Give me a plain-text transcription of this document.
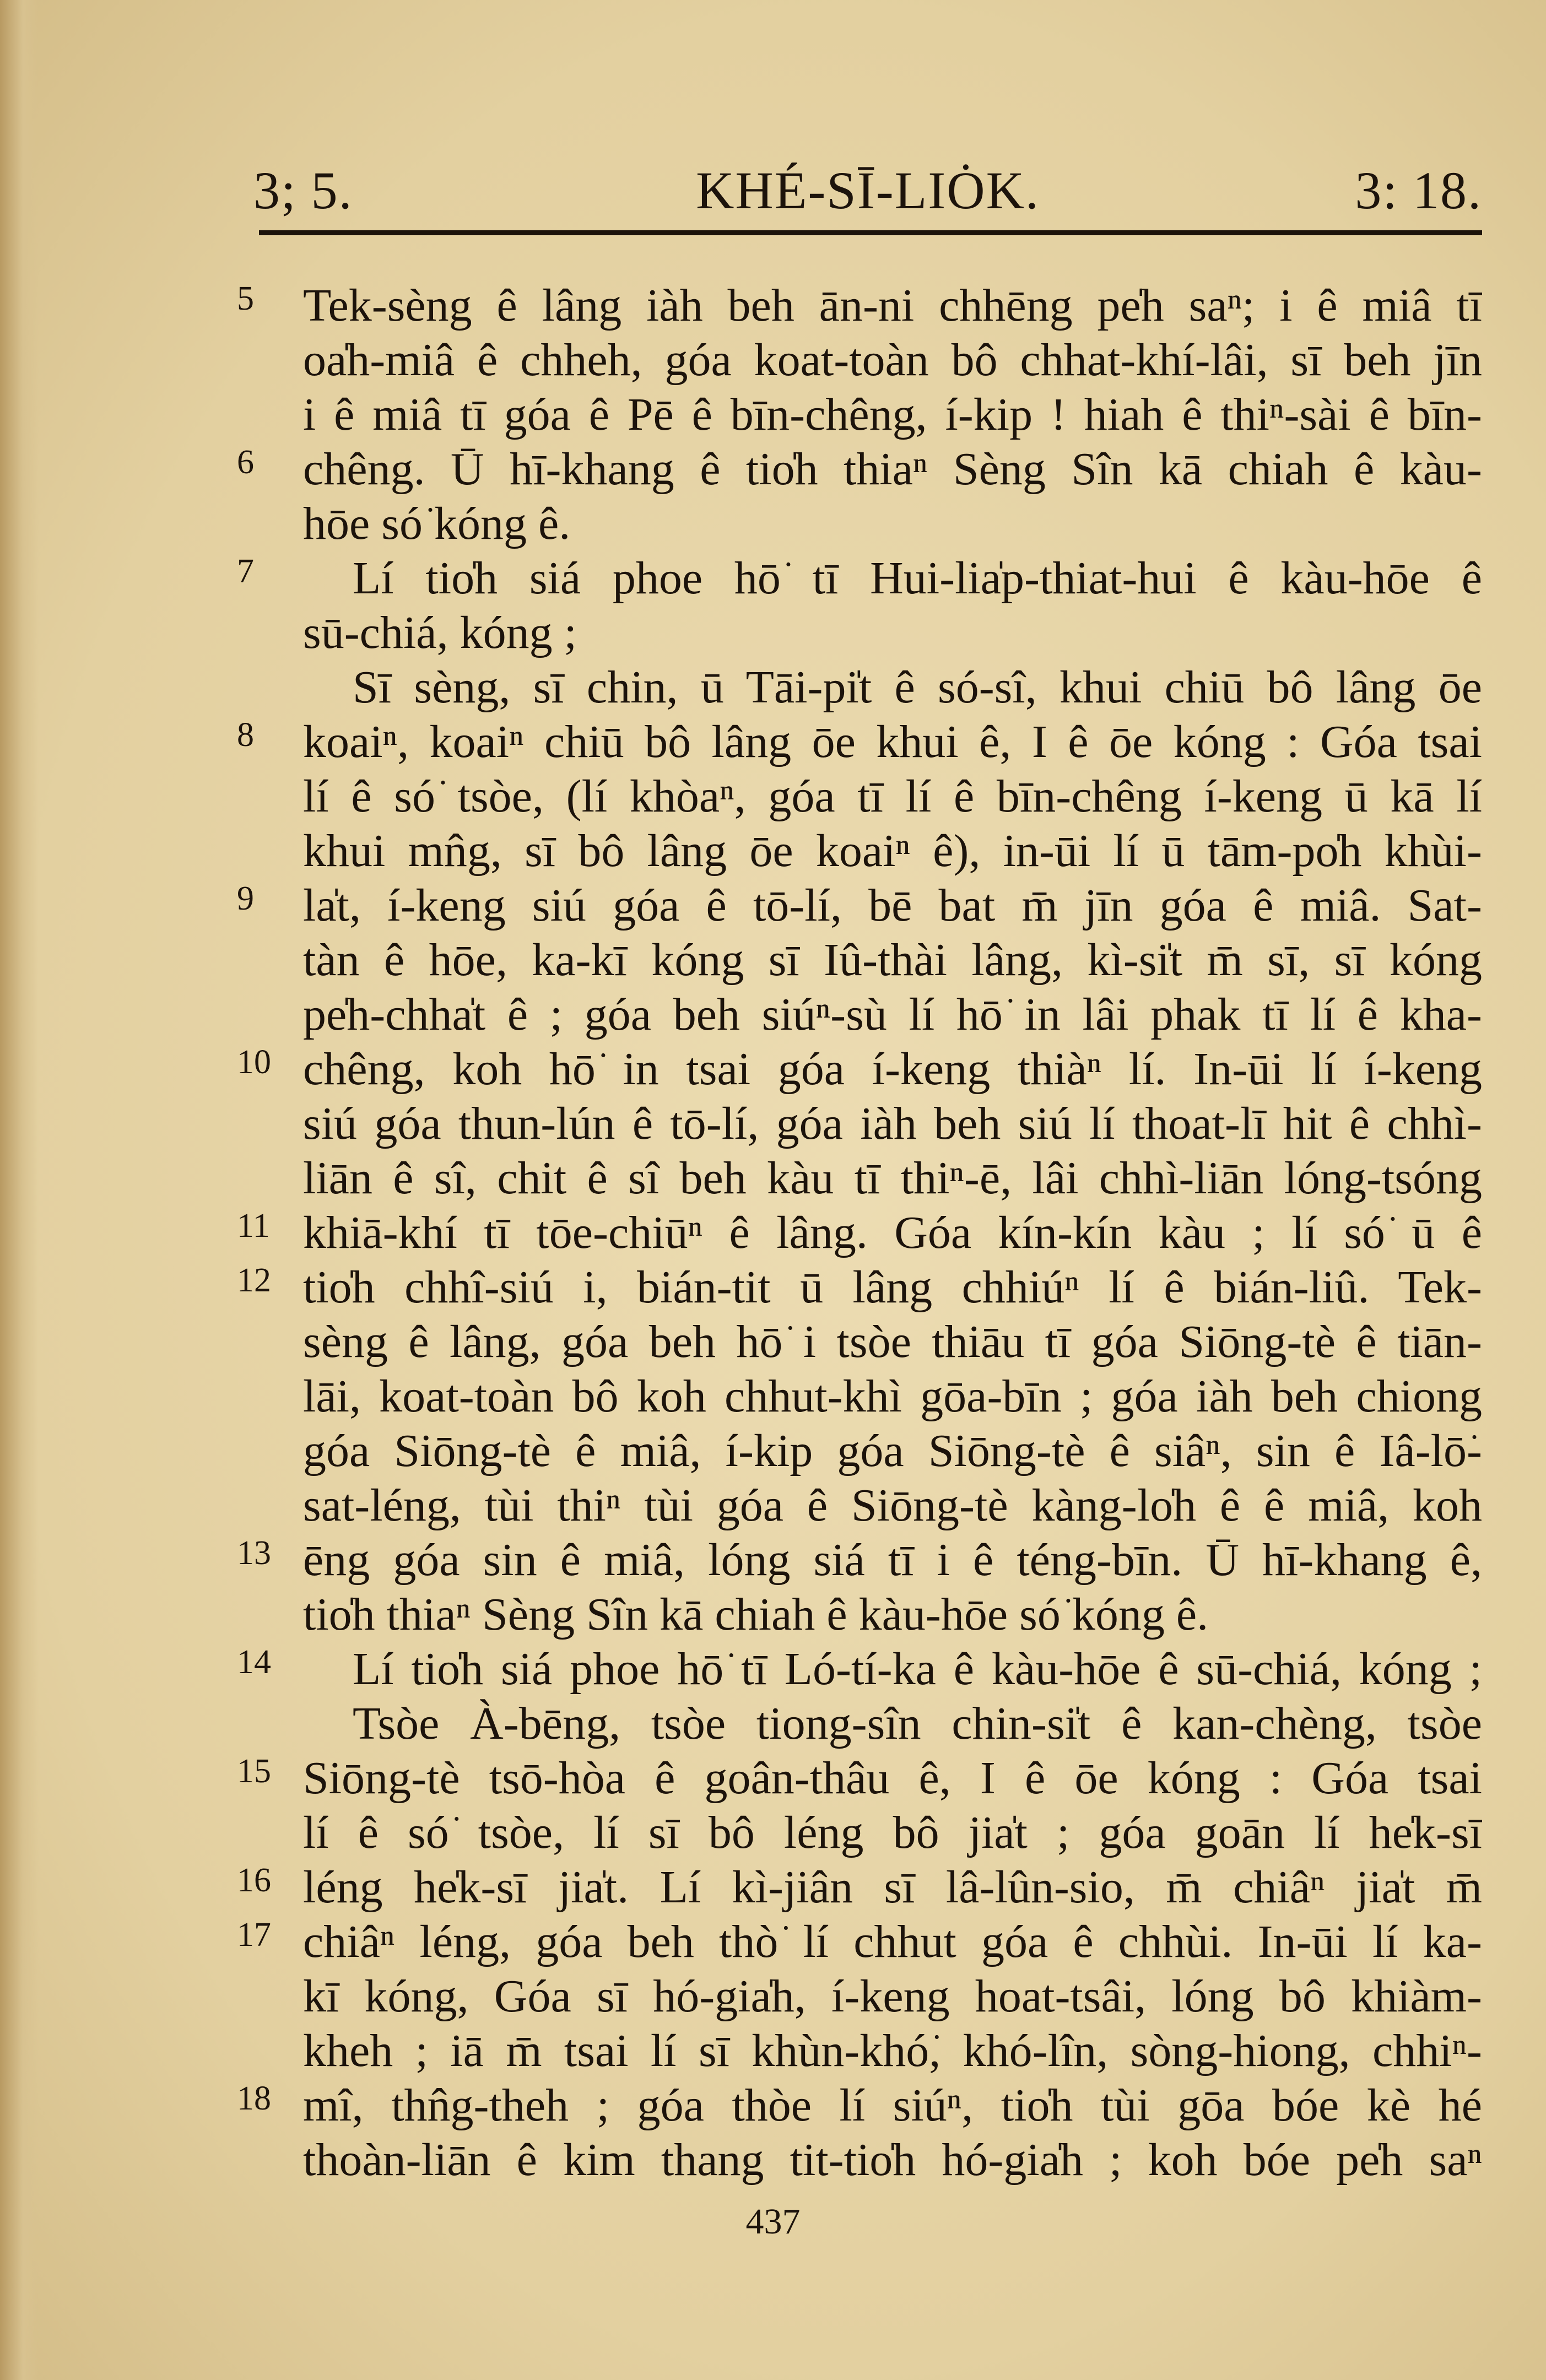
3; 5.	KHÉ-SĪ-LIȮK.	3: 18.
5	Tek-sèng ê lâng iàh beh ān-ni chhēng pe̍h saⁿ; i ê miâ tī
oa̍h-miâ ê chheh, góa koat-toàn bô chhat-khí-lâi, sī beh jīn
i ê miâ tī góa ê Pē ê bīn-chêng, í-kip ! hiah ê thiⁿ-sài ê bīn-
6	chêng. Ū hī-khang ê tio̍h thiaⁿ Sèng Sîn kā chiah ê kàu-
hōe só͘ kóng ê.
7	Lí tio̍h siá phoe hō͘ tī Hui-lia̍p-thiat-hui ê kàu-hōe ê
sū-chiá, kóng ;
Sī sèng, sī chin, ū Tāi-pi̍t ê só-sî, khui chiū bô lâng ōe
8	koaiⁿ, koaiⁿ chiū bô lâng ōe khui ê, I ê ōe kóng : Góa tsai
lí ê só͘ tsòe, (lí khòaⁿ, góa tī lí ê bīn-chêng í-keng ū kā lí
khui mn̂g, sī bô lâng ōe koaiⁿ ê), in-ūi lí ū tām-po̍h khùi-
9	la̍t, í-keng siú góa ê tō-lí, bē bat m̄ jīn góa ê miâ. Sat-
tàn ê hōe, ka-kī kóng sī Iû-thài lâng, kì-si̍t m̄ sī, sī kóng
pe̍h-chha̍t ê ; góa beh siúⁿ-sù lí hō͘ in lâi phak tī lí ê kha-
10 chêng, koh hō͘ in tsai góa í-keng thiàⁿ lí. In-ūi lí í-keng
siú góa thun-lún ê tō-lí, góa iàh beh siú lí thoat-lī hit ê chhì-
liān ê sî, chit ê sî beh kàu tī thiⁿ-ē, lâi chhì-liān lóng-tsóng
11 khiā-khí tī tōe-chiūⁿ ê lâng. Góa kín-kín kàu ; lí só͘ ū ê
12 tio̍h chhî-siú i, bián-tit ū lâng chhiúⁿ lí ê bián-liû. Tek-
sèng ê lâng, góa beh hō͘ i tsòe thiāu tī góa Siōng-tè ê tiān-
lāi, koat-toàn bô koh chhut-khì gōa-bīn ; góa iàh beh chiong
góa Siōng-tè ê miâ, í-kip góa Siōng-tè ê siâⁿ, sin ê Iâ-lō͘-
sat-léng, tùi thiⁿ tùi góa ê Siōng-tè kàng-lo̍h ê ê miâ, koh
13 ēng góa sin ê miâ, lóng siá tī i ê téng-bīn. Ū hī-khang ê,
tio̍h thiaⁿ Sèng Sîn kā chiah ê kàu-hōe só͘ kóng ê.
14	Lí tio̍h siá phoe hō͘ tī Ló-tí-ka ê kàu-hōe ê sū-chiá, kóng ;
Tsòe À-bēng, tsòe tiong-sîn chin-si̍t ê kan-chèng, tsòe
15 Siōng-tè tsō-hòa ê goân-thâu ê, I ê ōe kóng : Góa tsai
lí ê só͘ tsòe, lí sī bô léng bô jia̍t ; góa goān lí he̍k-sī
16 léng he̍k-sī jia̍t. Lí kì-jiân sī lâ-lûn-sio, m̄ chiâⁿ jia̍t m̄
17 chiâⁿ léng, góa beh thò͘ lí chhut góa ê chhùi. In-ūi lí ka-
kī kóng, Góa sī hó-gia̍h, í-keng hoat-tsâi, lóng bô khiàm-
kheh ; iā m̄ tsai lí sī khùn-khó͘, khó-lîn, sòng-hiong, chhiⁿ-
18 mî, thn̂g-theh ; góa thòe lí siúⁿ, tio̍h tùi gōa bóe kè hé
thoàn-liān ê kim thang tit-tio̍h hó-gia̍h ; koh bóe pe̍h saⁿ
437
